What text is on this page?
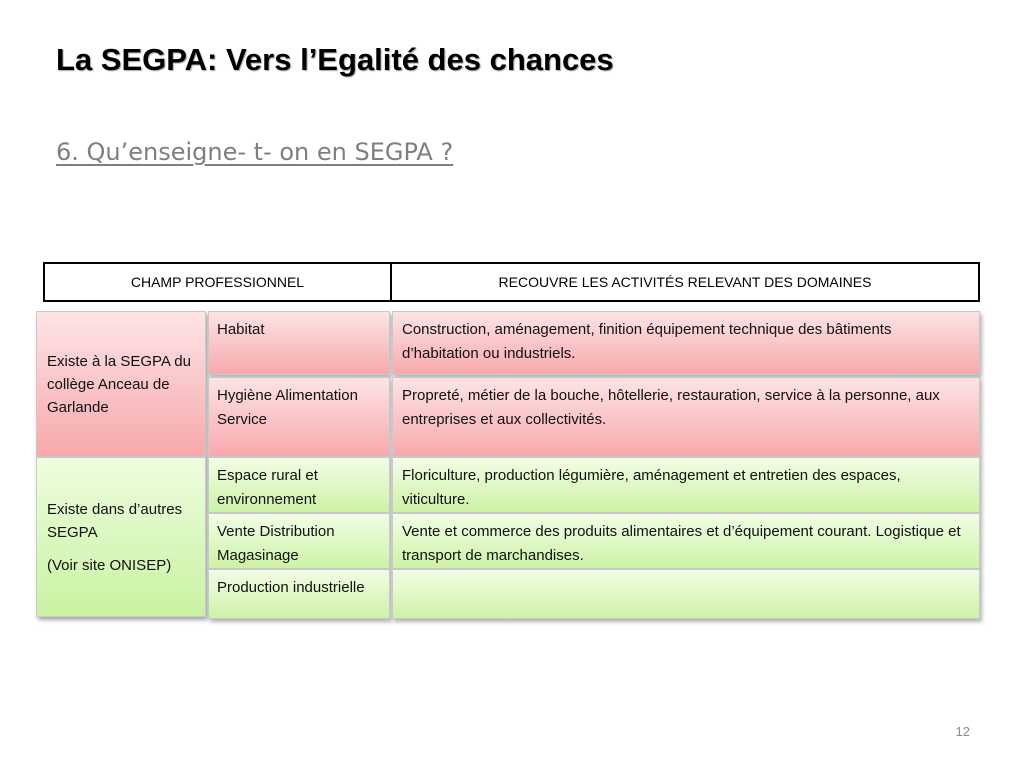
La SEGPA: Vers l’Egalité des chances
6. Qu’enseigne- t- on en SEGPA ?
CHAMP PROFESSIONNEL	RECOUVRE LES ACTIVITÉS RELEVANT DES DOMAINES

Existe à la SEGPA du collège Anceau de Garlande

Existe dans d’autres SEGPA

(Voir site ONISEP)

Habitat	Construction, aménagement, finition équipement technique des bâtiments d’habitation ou industriels.
Hygiène Alimentation Service
Propreté, métier de la bouche, hôtellerie, restauration, service à la personne, aux entreprises et aux collectivités.
Espace rural et environnement
Floriculture, production légumière, aménagement et entretien des espaces, viticulture.
Vente Distribution Magasinage
Vente et commerce des produits alimentaires et d’équipement courant. Logistique et transport de marchandises.
Production industrielle
12
